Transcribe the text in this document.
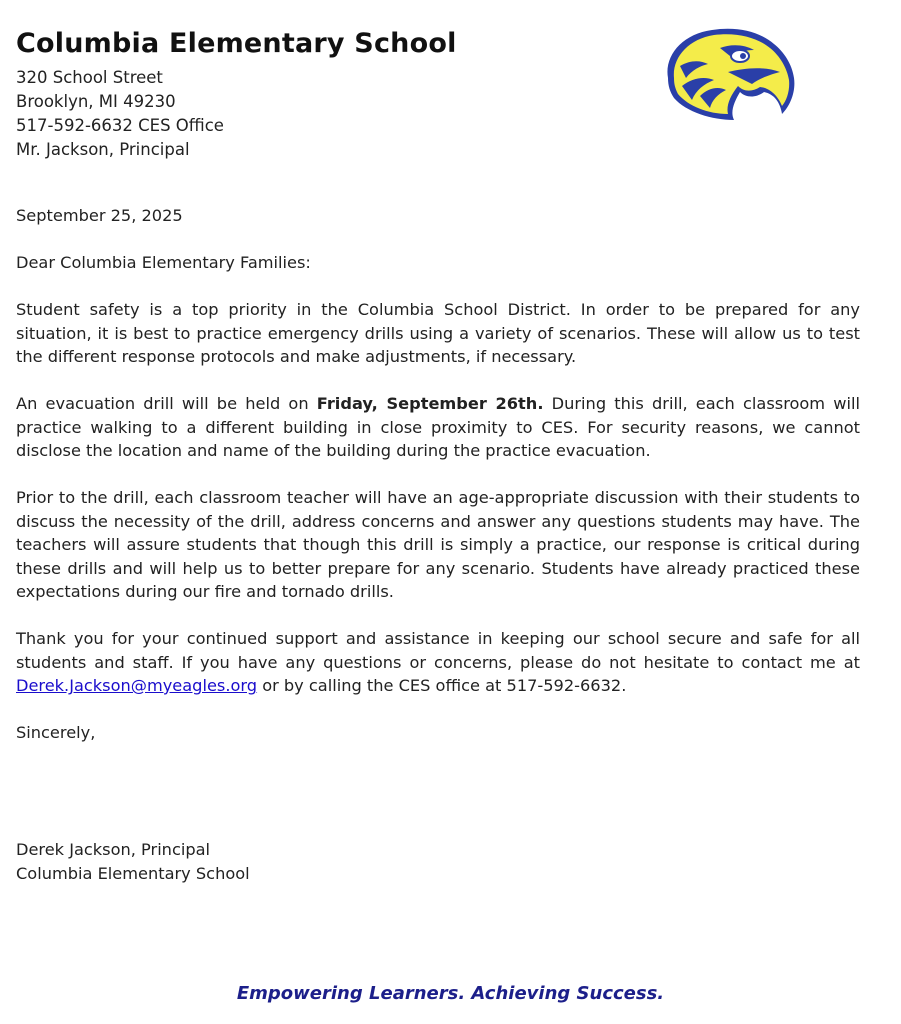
Columbia Elementary School
320 School Street
Brooklyn, MI 49230
517-592-6632 CES Office
Mr. Jackson, Principal
September 25, 2025

Dear Columbia Elementary Families:

Student safety is a top priority in the Columbia School District. In order to be prepared for any situation, it is best to practice emergency drills using a variety of scenarios. These will allow us to test the different response protocols and make adjustments, if necessary.

An evacuation drill will be held on Friday, September 26th. During this drill, each classroom will practice walking to a different building in close proximity to CES. For security reasons, we cannot disclose the location and name of the building during the practice evacuation.

Prior to the drill, each classroom teacher will have an age-appropriate discussion with their students to discuss the necessity of the drill, address concerns and answer any questions students may have. The teachers will assure students that though this drill is simply a practice, our response is critical during these drills and will help us to better prepare for any scenario. Students have already practiced these expectations during our fire and tornado drills.

Thank you for your continued support and assistance in keeping our school secure and safe for all students and staff. If you have any questions or concerns, please do not hesitate to contact me at Derek.Jackson@myeagles.org or by calling the CES office at 517-592-6632.

Sincerely,

Derek Jackson, Principal

Columbia Elementary School

Empowering Learners. Achieving Success.
